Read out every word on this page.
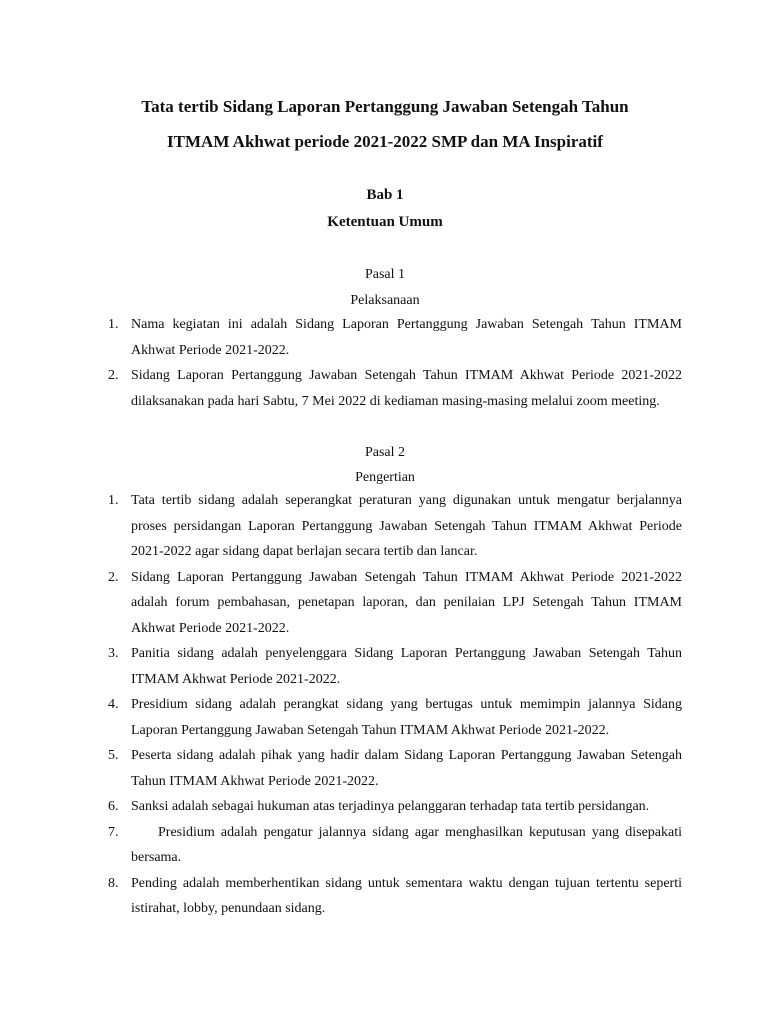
Tata tertib Sidang Laporan Pertanggung Jawaban Setengah Tahun

ITMAM Akhwat periode 2021-2022 SMP dan MA Inspiratif

Bab 1

Ketentuan Umum

Pasal 1

Pelaksanaan

1. Nama kegiatan ini adalah Sidang Laporan Pertanggung Jawaban Setengah Tahun ITMAM Akhwat Periode 2021-2022.
2. Sidang Laporan Pertanggung Jawaban Setengah Tahun ITMAM Akhwat Periode 2021-2022 dilaksanakan pada hari Sabtu, 7 Mei 2022 di kediaman masing-masing melalui zoom meeting.

Pasal 2

Pengertian

1. Tata tertib sidang adalah seperangkat peraturan yang digunakan untuk mengatur berjalannya proses persidangan Laporan Pertanggung Jawaban Setengah Tahun ITMAM Akhwat Periode 2021-2022 agar sidang dapat berlajan secara tertib dan lancar.
2. Sidang Laporan Pertanggung Jawaban Setengah Tahun ITMAM Akhwat Periode 2021-2022 adalah forum pembahasan, penetapan laporan, dan penilaian LPJ Setengah Tahun ITMAM Akhwat Periode 2021-2022.
3. Panitia sidang adalah penyelenggara Sidang Laporan Pertanggung Jawaban Setengah Tahun ITMAM Akhwat Periode 2021-2022.
4. Presidium sidang adalah perangkat sidang yang bertugas untuk memimpin jalannya Sidang Laporan Pertanggung Jawaban Setengah Tahun ITMAM Akhwat Periode 2021-2022.
5. Peserta sidang adalah pihak yang hadir dalam Sidang Laporan Pertanggung Jawaban Setengah Tahun ITMAM Akhwat Periode 2021-2022.
6. Sanksi adalah sebagai hukuman atas terjadinya pelanggaran terhadap tata tertib persidangan.
7.	Presidium adalah pengatur jalannya sidang agar menghasilkan keputusan yang disepakati bersama.
8. Pending adalah memberhentikan sidang untuk sementara waktu dengan tujuan tertentu seperti istirahat, lobby, penundaan sidang.
